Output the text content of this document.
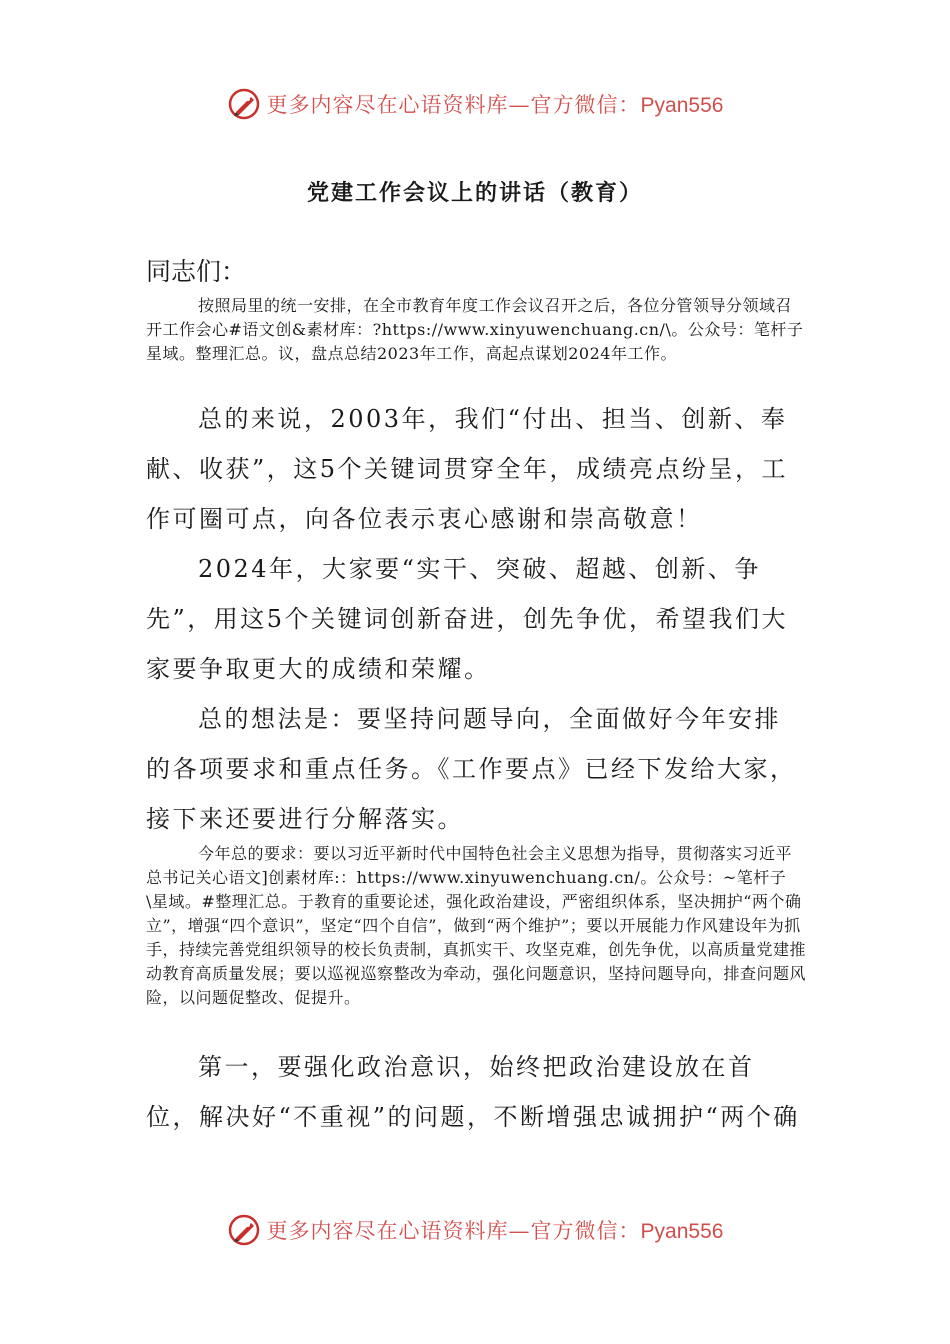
更多内容尽在心语资料库—官方微信：Pyan556
党建工作会议上的讲话（教育）
同志们：

按照局里的统一安排，在全市教育年度工作会议召开之后，各位分管领导分领域召开工作会心#语文创&素材库：?https://www.xinyuwenchuang.cn/\。公众号：笔杆子星域。整理汇总。议，盘点总结2023年工作，高起点谋划2024年工作。

总的来说，2003年，我们“付出、担当、创新、奉献、收获”，这5个关键词贯穿全年，成绩亮点纷呈，工作可圈可点，向各位表示衷心感谢和崇高敬意！

2024年，大家要“实干、突破、超越、创新、争先”，用这5个关键词创新奋进，创先争优，希望我们大家要争取更大的成绩和荣耀。

总的想法是：要坚持问题导向，全面做好今年安排的各项要求和重点任务。《工作要点》已经下发给大家，接下来还要进行分解落实。

今年总的要求：要以习近平新时代中国特色社会主义思想为指导，贯彻落实习近平总书记关心语文]创素材库:：https://www.xinyuwenchuang.cn/。公众号：~笔杆子\星域。#整理汇总。于教育的重要论述，强化政治建设，严密组织体系，坚决拥护“两个确立”，增强“四个意识”，坚定“四个自信”，做到“两个维护”；要以开展能力作风建设年为抓手，持续完善党组织领导的校长负责制，真抓实干、攻坚克难，创先争优，以高质量党建推动教育高质量发展；要以巡视巡察整改为牵动，强化问题意识，坚持问题导向，排查问题风险，以问题促整改、促提升。

第一，要强化政治意识，始终把政治建设放在首位，解决好“不重视”的问题，不断增强忠诚拥护“两个确

更多内容尽在心语资料库—官方微信：Pyan556
